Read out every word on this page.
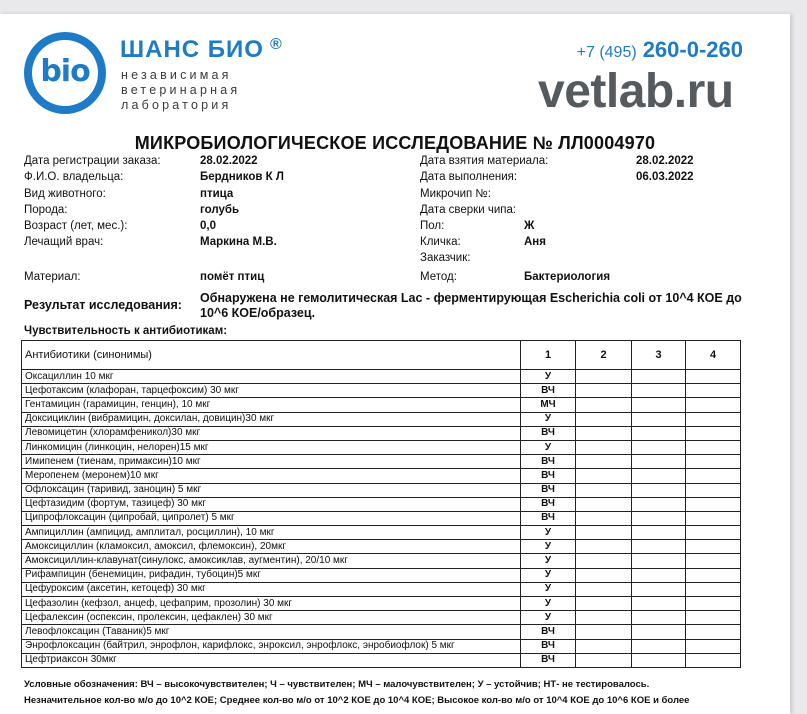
bio
ШАНС БИО ®
независимая
ветеринарная
лаборатория
+7 (495) 260-0-260
vetlab.ru
МИКРОБИОЛОГИЧЕСКОЕ ИССЛЕДОВАНИЕ № ЛЛ0004970
Дата регистрации заказа:	28.02.2022
Ф.И.О. владельца:	Бердников К Л
Вид животного:	птица
Порода:	голубь
Возраст (лет, мес.):	0,0
Лечащий врач:	Маркина М.В.
Дата взятия материала:	28.02.2022
Дата выполнения:	06.03.2022
Микрочип №:
Дата сверки чипа:
Пол:	Ж
Кличка:	Аня
Заказчик:
Материал:	помёт птиц	Метод:	Бактериология
Результат исследования: Обнаружена не гемолитическая Lac - ферментирующая Escherichia coli от 10^4 КОЕ до 10^6 КОЕ/образец.
Чувствительность к антибиотикам:
Антибиотики (синонимы)	1	2	3	4
Оксациллин 10 мкг	У			
Цефотаксим (клафоран, тарцефоксим) 30 мкг	ВЧ			
Гентамицин (гарамицин, генцин), 10 мкг	МЧ			
Доксициклин (вибрамицин, доксилан, довицин)30 мкг	У			
Левомицетин (хлорамфеникол)30 мкг	ВЧ			
Линкомицин (линкоцин, нелорен)15 мкг	У			
Имипенем (тиенам, примаксин)10 мкг	ВЧ			
Меропенем (меронем)10 мкг	ВЧ			
Офлоксацин (таривид, заноцин) 5 мкг	ВЧ			
Цефтазидим (фортум, тазицеф) 30 мкг	ВЧ			
Ципрофлоксацин (ципробай, ципролет) 5 мкг	ВЧ			
Ампициллин (ампицид, амплитал, росциллин), 10 мкг	У			
Амоксициллин (кламоксил, амоксил, флемоксин), 20мкг	У			
Амоксициллин-клавунат(синулокс, амоксиклав, аугментин), 20/10 мкг	У			
Рифампицин (бенемицин, рифадин, тубоцин)5 мкг	У			
Цефуроксим (аксетин, кетоцеф) 30 мкг	У			
Цефазолин (кефзол, анцеф, цефаприм, прозолин) 30 мкг	У			
Цефалексин (оспексин, пролексин, цефаклен) 30 мкг	У			
Левофлоксацин (Таваник)5 мкг	ВЧ			
Энрофлоксацин (байтрил, энрофлон, карифлокс, энроксил, энрофлокс, энробиофлок) 5 мкг	ВЧ			
Цефтриаксон 30мкг	ВЧ			
Условные обозначения: ВЧ – высокочувствителен; Ч – чувствителен; МЧ – малочувствителен; У – устойчив; НТ- не тестировалось.
Незначительное кол-во м/о до 10^2 КОЕ; Среднее кол-во м/о от 10^2 КОЕ до 10^4 КОЕ; Высокое кол-во м/о от 10^4 КОЕ до 10^6 КОЕ и более
